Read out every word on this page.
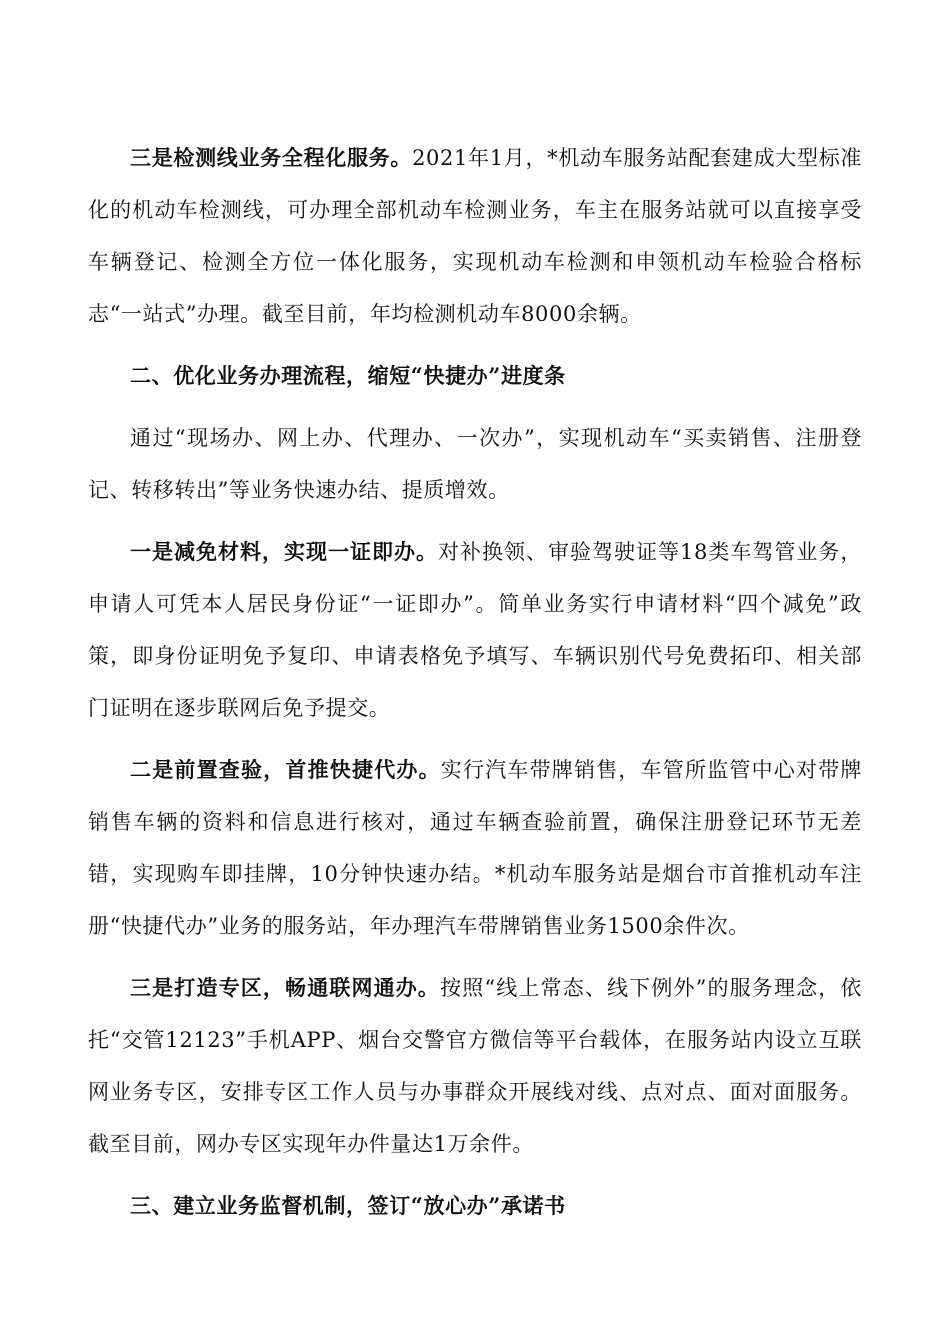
三是检测线业务全程化服务。2021年1月，*机动车服务站配套建成大型标准化的机动车检测线，可办理全部机动车检测业务，车主在服务站就可以直接享受车辆登记、检测全方位一体化服务，实现机动车检测和申领机动车检验合格标志“一站式”办理。截至目前，年均检测机动车8000余辆。

二、优化业务办理流程，缩短“快捷办”进度条

通过“现场办、网上办、代理办、一次办”，实现机动车“买卖销售、注册登记、转移转出”等业务快速办结、提质增效。

一是减免材料，实现一证即办。对补换领、审验驾驶证等18类车驾管业务，申请人可凭本人居民身份证“一证即办”。简单业务实行申请材料“四个减免”政策，即身份证明免予复印、申请表格免予填写、车辆识别代号免费拓印、相关部门证明在逐步联网后免予提交。

二是前置查验，首推快捷代办。实行汽车带牌销售，车管所监管中心对带牌销售车辆的资料和信息进行核对，通过车辆查验前置，确保注册登记环节无差错，实现购车即挂牌，10分钟快速办结。*机动车服务站是烟台市首推机动车注册“快捷代办”业务的服务站，年办理汽车带牌销售业务1500余件次。

三是打造专区，畅通联网通办。按照“线上常态、线下例外”的服务理念，依托“交管12123”手机APP、烟台交警官方微信等平台载体，在服务站内设立互联网业务专区，安排专区工作人员与办事群众开展线对线、点对点、面对面服务。截至目前，网办专区实现年办件量达1万余件。

三、建立业务监督机制，签订“放心办”承诺书
